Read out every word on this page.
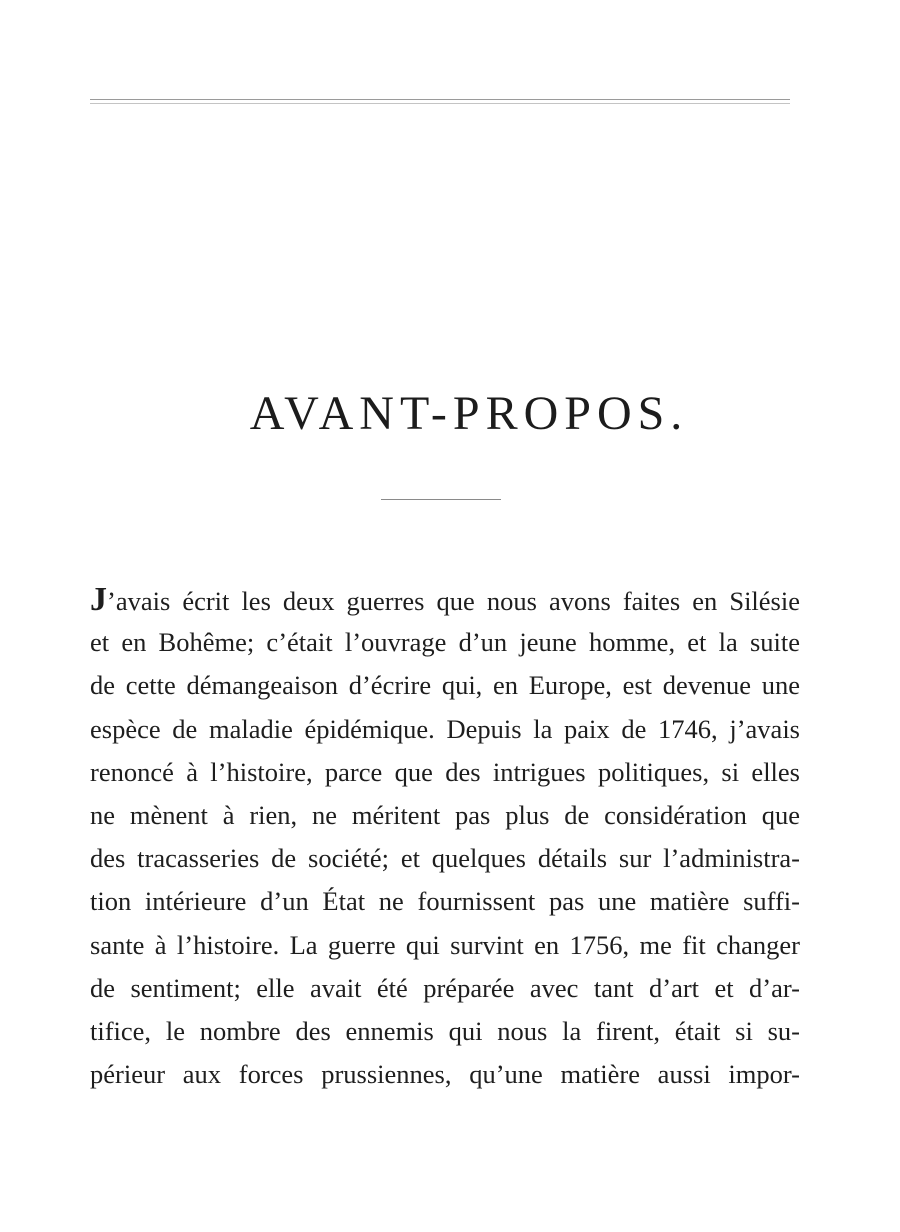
AVANT-PROPOS.
J’avais écrit les deux guerres que nous avons faites en Silésie
et en Bohême; c’était l’ouvrage d’un jeune homme, et la suite
de cette démangeaison d’écrire qui, en Europe, est devenue une
espèce de maladie épidémique. Depuis la paix de 1746, j’avais
renoncé à l’histoire, parce que des intrigues politiques, si elles
ne mènent à rien, ne méritent pas plus de considération que
des tracasseries de société; et quelques détails sur l’administra-
tion intérieure d’un État ne fournissent pas une matière suffi-
sante à l’histoire. La guerre qui survint en 1756, me fit changer
de sentiment; elle avait été préparée avec tant d’art et d’ar-
tifice, le nombre des ennemis qui nous la firent, était si su-
périeur aux forces prussiennes, qu’une matière aussi impor-
